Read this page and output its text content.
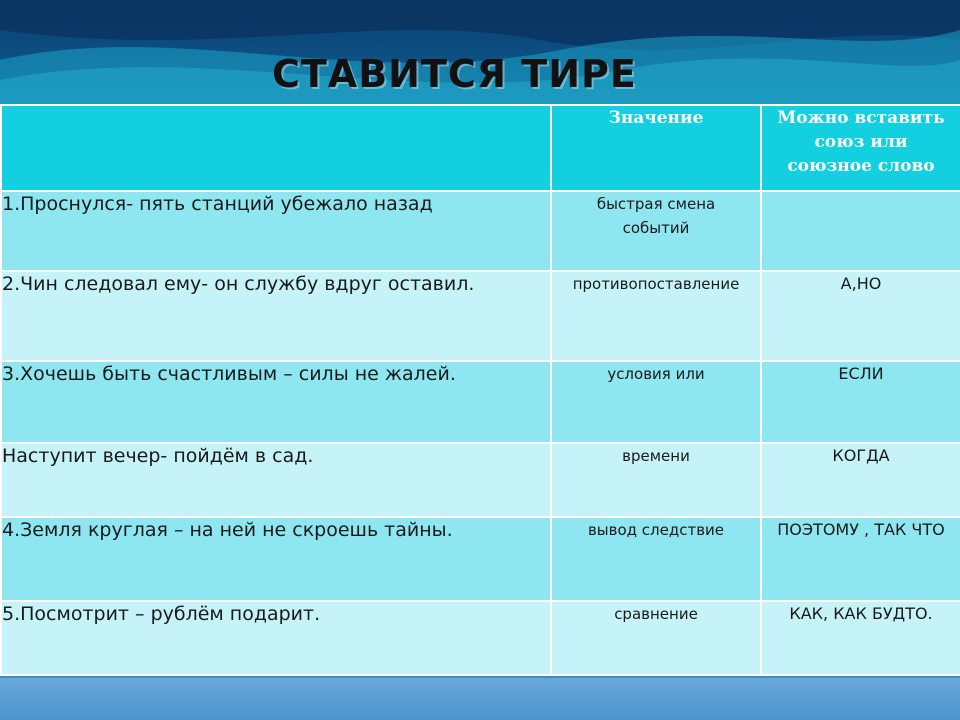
СТАВИТСЯ ТИРЕ
	Значение	Можно вставить союз или союзное слово
1.Проснулся- пять станций убежало назад	быстрая смена событий	
2.Чин следовал ему- он службу вдруг оставил.	противопоставление	А,НО
3.Хочешь быть счастливым – силы не жалей.	условия или	ЕСЛИ
Наступит вечер- пойдём в сад.	времени	КОГДА
4.Земля круглая – на ней не скроешь тайны.	вывод следствие	ПОЭТОМУ , ТАК ЧТО
5.Посмотрит – рублём подарит.	сравнение	КАК, КАК БУДТО.
